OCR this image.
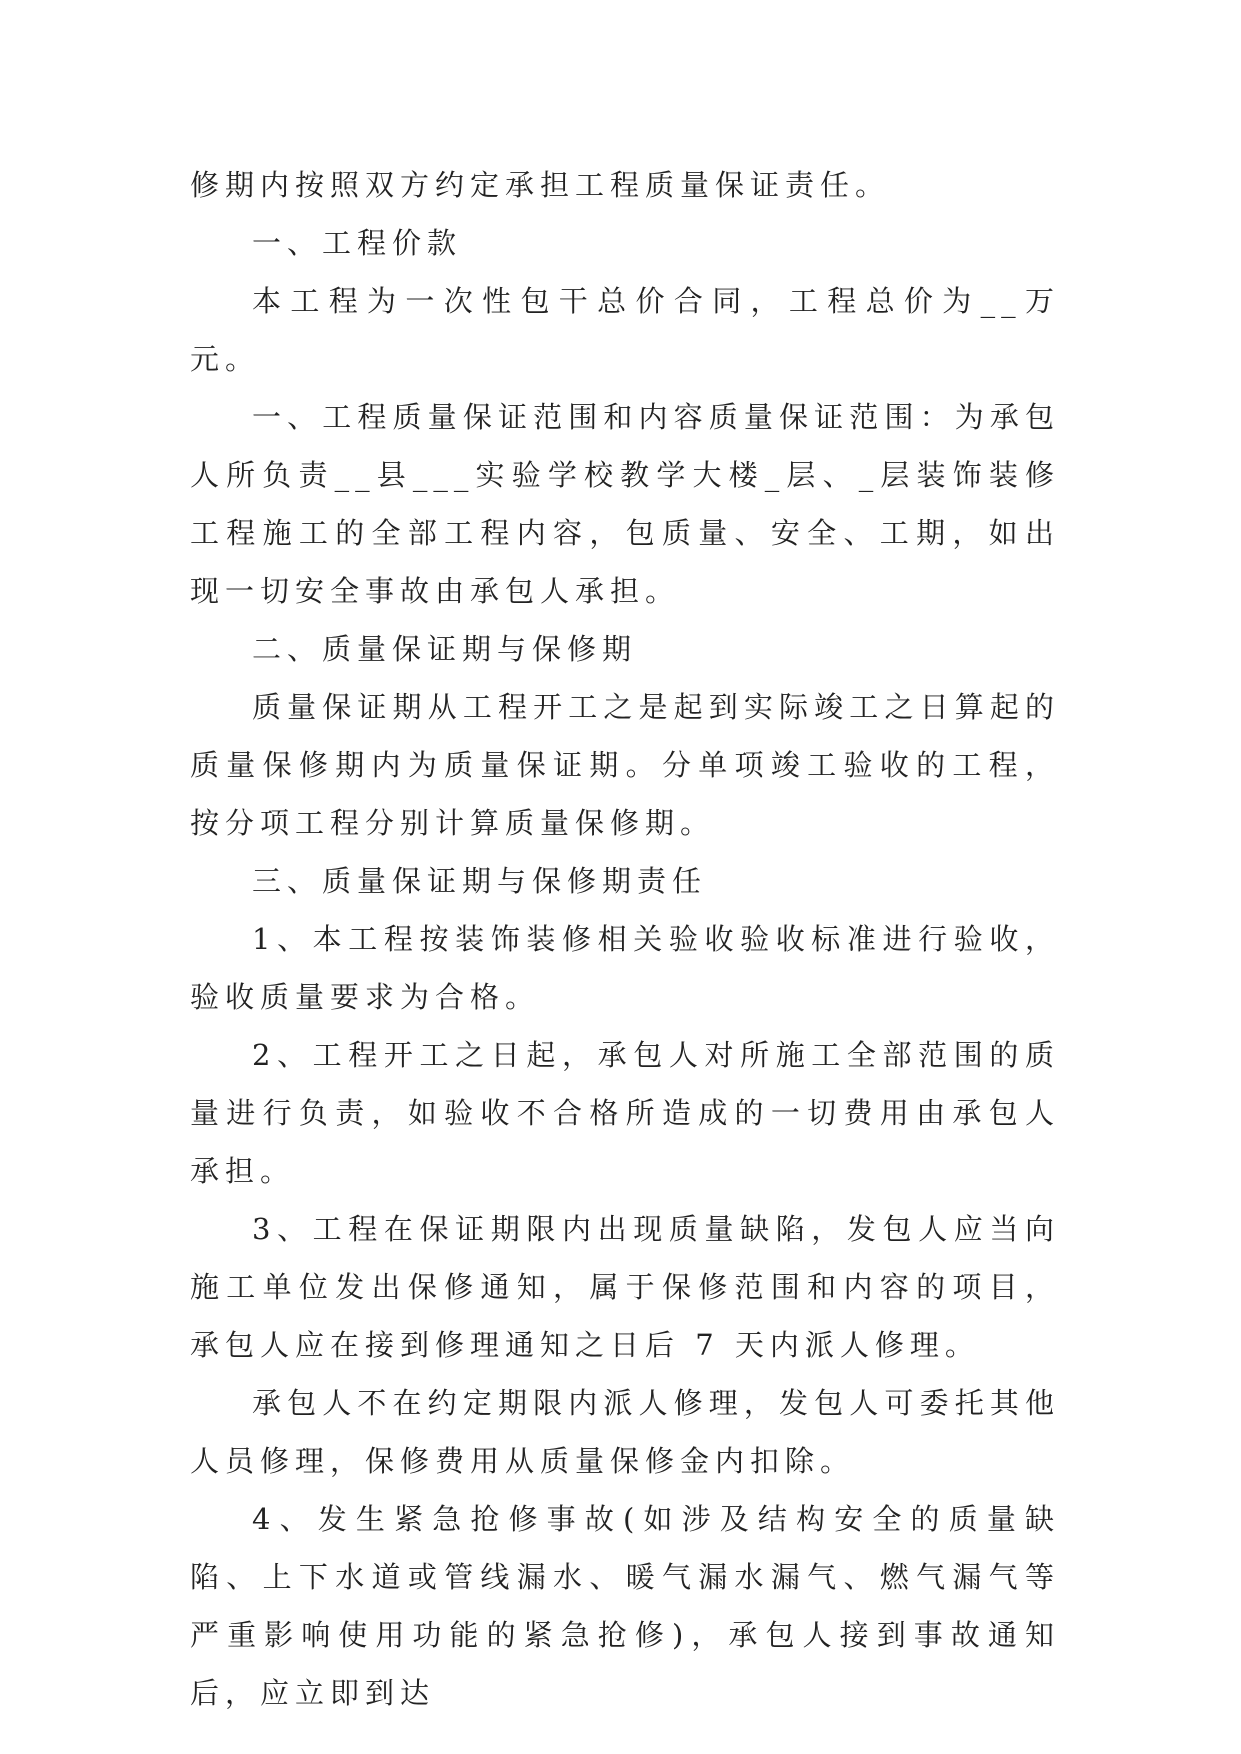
修期内按照双方约定承担工程质量保证责任。

一、工程价款

本工程为一次性包干总价合同，工程总价为__万元。

一、工程质量保证范围和内容质量保证范围：为承包人所负责__县___实验学校教学大楼_层、_层装饰装修工程施工的全部工程内容，包质量、安全、工期，如出现一切安全事故由承包人承担。

二、质量保证期与保修期

质量保证期从工程开工之是起到实际竣工之日算起的质量保修期内为质量保证期。分单项竣工验收的工程，按分项工程分别计算质量保修期。

三、质量保证期与保修期责任

1、本工程按装饰装修相关验收验收标准进行验收，验收质量要求为合格。

2、工程开工之日起，承包人对所施工全部范围的质量进行负责，如验收不合格所造成的一切费用由承包人承担。

3、工程在保证期限内出现质量缺陷，发包人应当向施工单位发出保修通知，属于保修范围和内容的项目，承包人应在接到修理通知之日后 7 天内派人修理。

承包人不在约定期限内派人修理，发包人可委托其他人员修理，保修费用从质量保修金内扣除。

4、发生紧急抢修事故(如涉及结构安全的质量缺陷、上下水道或管线漏水、暖气漏水漏气、燃气漏气等严重影响使用功能的紧急抢修)，承包人接到事故通知后，应立即到达
